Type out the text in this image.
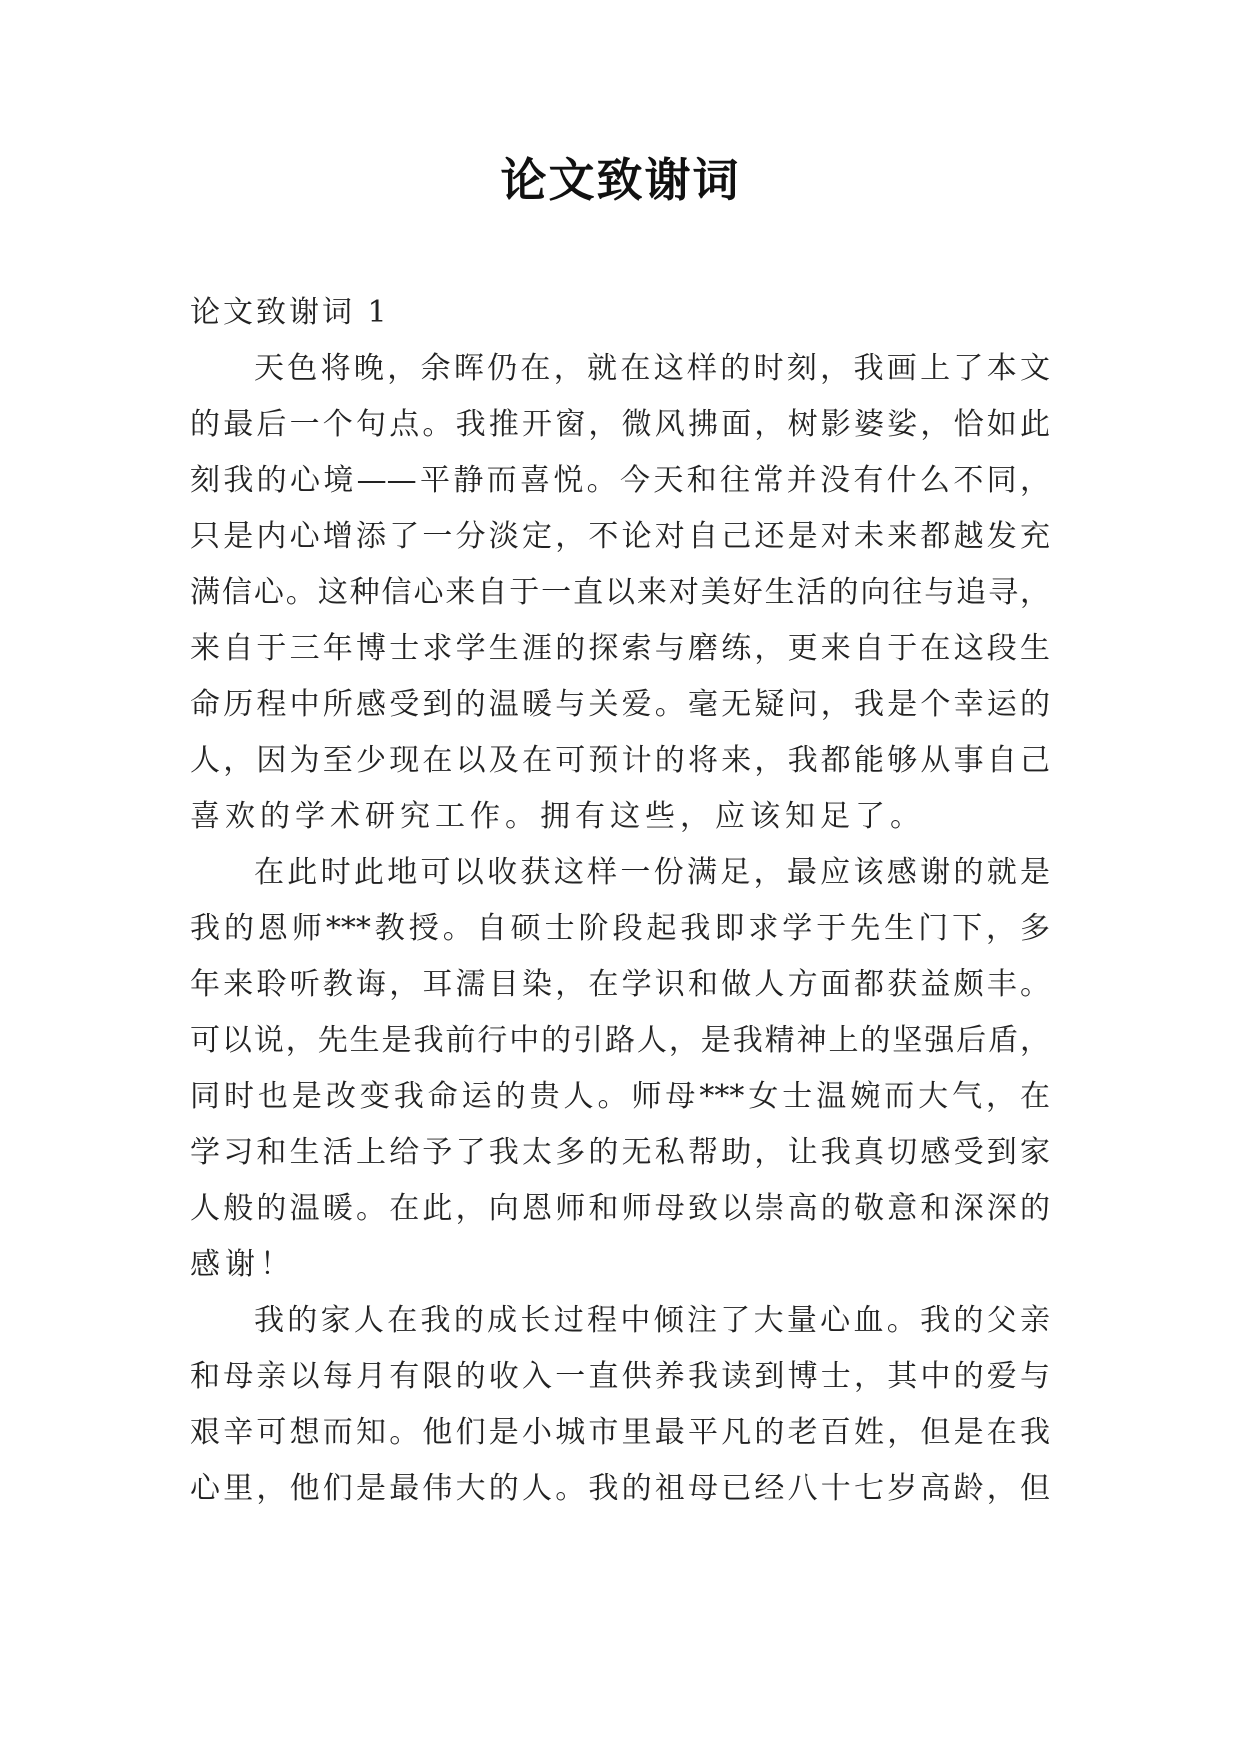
论文致谢词
论文致谢词 1
天色将晚，余晖仍在，就在这样的时刻，我画上了本文
的最后一个句点。我推开窗，微风拂面，树影婆娑，恰如此
刻我的心境——平静而喜悦。今天和往常并没有什么不同，
只是内心增添了一分淡定，不论对自己还是对未来都越发充
满信心。这种信心来自于一直以来对美好生活的向往与追寻，
来自于三年博士求学生涯的探索与磨练，更来自于在这段生
命历程中所感受到的温暖与关爱。毫无疑问，我是个幸运的
人，因为至少现在以及在可预计的将来，我都能够从事自己
喜欢的学术研究工作。拥有这些，应该知足了。
在此时此地可以收获这样一份满足，最应该感谢的就是
我的恩师***教授。自硕士阶段起我即求学于先生门下，多
年来聆听教诲，耳濡目染，在学识和做人方面都获益颇丰。
可以说，先生是我前行中的引路人，是我精神上的坚强后盾，
同时也是改变我命运的贵人。师母***女士温婉而大气，在
学习和生活上给予了我太多的无私帮助，让我真切感受到家
人般的温暖。在此，向恩师和师母致以崇高的敬意和深深的
感谢！
我的家人在我的成长过程中倾注了大量心血。我的父亲
和母亲以每月有限的收入一直供养我读到博士，其中的爱与
艰辛可想而知。他们是小城市里最平凡的老百姓，但是在我
心里，他们是最伟大的人。我的祖母已经八十七岁高龄，但
